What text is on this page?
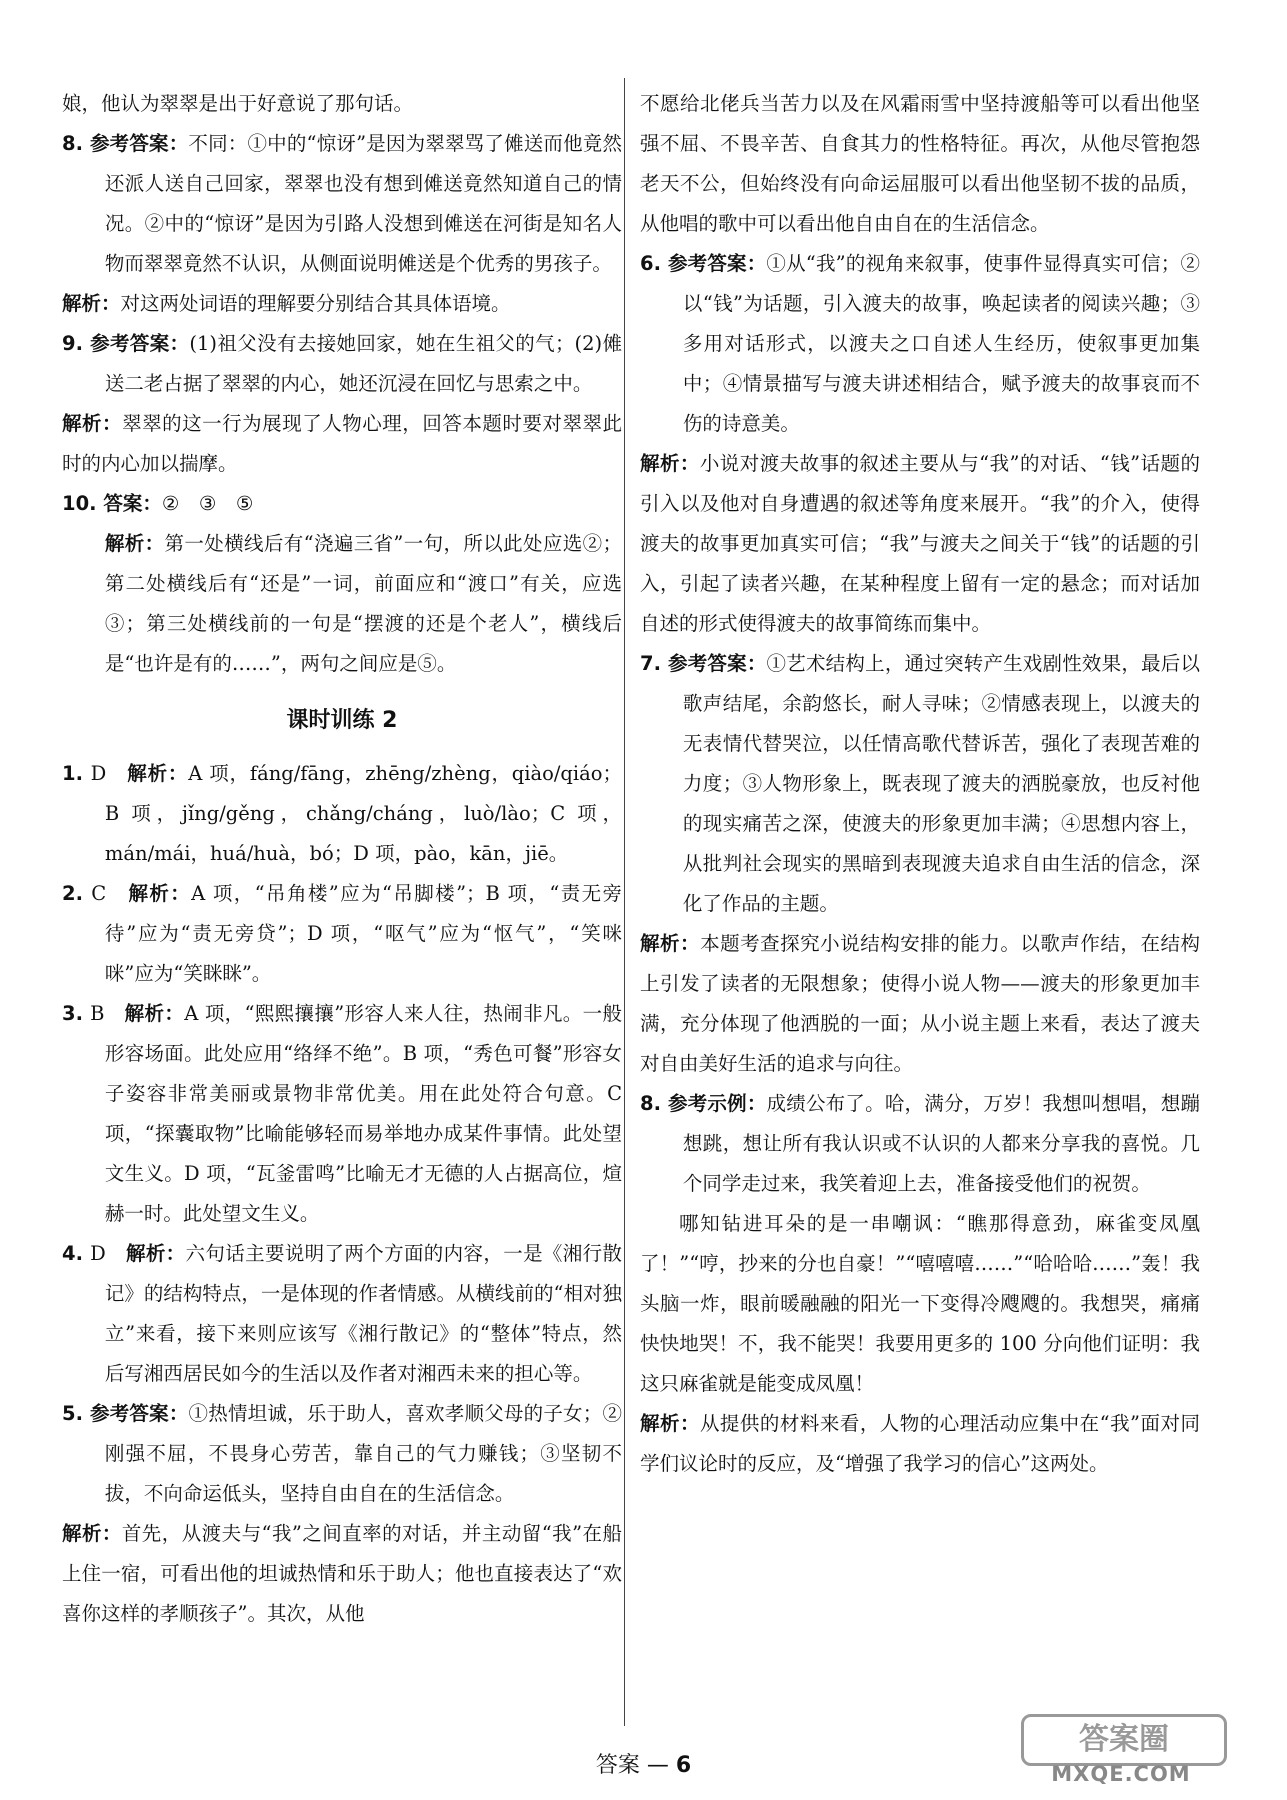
娘，他认为翠翠是出于好意说了那句话。

8. 参考答案：不同：①中的“惊讶”是因为翠翠骂了傩送而他竟然还派人送自己回家，翠翠也没有想到傩送竟然知道自己的情况。②中的“惊讶”是因为引路人没想到傩送在河街是知名人物而翠翠竟然不认识，从侧面说明傩送是个优秀的男孩子。

解析：对这两处词语的理解要分别结合其具体语境。

9. 参考答案：(1)祖父没有去接她回家，她在生祖父的气；(2)傩送二老占据了翠翠的内心，她还沉浸在回忆与思索之中。

解析：翠翠的这一行为展现了人物心理，回答本题时要对翠翠此时的内心加以揣摩。

10. 答案：②　③　⑤

解析：第一处横线后有“浇遍三省”一句，所以此处应选②；第二处横线后有“还是”一词，前面应和“渡口”有关，应选③；第三处横线前的一句是“摆渡的还是个老人”，横线后是“也许是有的……”，两句之间应是⑤。

课时训练 2

1. D　解析：A 项，fáng/fāng，zhēng/zhèng，qiào/qiáo；B 项，jǐng/gěng，chǎng/cháng，luò/lào；C 项，mán/mái，huá/huà，bó；D 项，pào，kān，jiē。

2. C　解析：A 项，“吊角楼”应为“吊脚楼”；B 项，“责无旁待”应为“责无旁贷”；D 项，“呕气”应为“怄气”，“笑咪咪”应为“笑眯眯”。

3. B　解析：A 项，“熙熙攘攘”形容人来人往，热闹非凡。一般形容场面。此处应用“络绎不绝”。B 项，“秀色可餐”形容女子姿容非常美丽或景物非常优美。用在此处符合句意。C 项，“探囊取物”比喻能够轻而易举地办成某件事情。此处望文生义。D 项，“瓦釜雷鸣”比喻无才无德的人占据高位，煊赫一时。此处望文生义。

4. D　解析：六句话主要说明了两个方面的内容，一是《湘行散记》的结构特点，一是体现的作者情感。从横线前的“相对独立”来看，接下来则应该写《湘行散记》的“整体”特点，然后写湘西居民如今的生活以及作者对湘西未来的担心等。

5. 参考答案：①热情坦诚，乐于助人，喜欢孝顺父母的子女；②刚强不屈，不畏身心劳苦，靠自己的气力赚钱；③坚韧不拔，不向命运低头，坚持自由自在的生活信念。

解析：首先，从渡夫与“我”之间直率的对话，并主动留“我”在船上住一宿，可看出他的坦诚热情和乐于助人；他也直接表达了“欢喜你这样的孝顺孩子”。其次，从他

不愿给北佬兵当苦力以及在风霜雨雪中坚持渡船等可以看出他坚强不屈、不畏辛苦、自食其力的性格特征。再次，从他尽管抱怨老天不公，但始终没有向命运屈服可以看出他坚韧不拔的品质，从他唱的歌中可以看出他自由自在的生活信念。

6. 参考答案：①从“我”的视角来叙事，使事件显得真实可信；②以“钱”为话题，引入渡夫的故事，唤起读者的阅读兴趣；③多用对话形式，以渡夫之口自述人生经历，使叙事更加集中；④情景描写与渡夫讲述相结合，赋予渡夫的故事哀而不伤的诗意美。

解析：小说对渡夫故事的叙述主要从与“我”的对话、“钱”话题的引入以及他对自身遭遇的叙述等角度来展开。“我”的介入，使得渡夫的故事更加真实可信；“我”与渡夫之间关于“钱”的话题的引入，引起了读者兴趣，在某种程度上留有一定的悬念；而对话加自述的形式使得渡夫的故事简练而集中。

7. 参考答案：①艺术结构上，通过突转产生戏剧性效果，最后以歌声结尾，余韵悠长，耐人寻味；②情感表现上，以渡夫的无表情代替哭泣，以任情高歌代替诉苦，强化了表现苦难的力度；③人物形象上，既表现了渡夫的洒脱豪放，也反衬他的现实痛苦之深，使渡夫的形象更加丰满；④思想内容上，从批判社会现实的黑暗到表现渡夫追求自由生活的信念，深化了作品的主题。

解析：本题考查探究小说结构安排的能力。以歌声作结，在结构上引发了读者的无限想象；使得小说人物——渡夫的形象更加丰满，充分体现了他洒脱的一面；从小说主题上来看，表达了渡夫对自由美好生活的追求与向往。

8. 参考示例：成绩公布了。哈，满分，万岁！我想叫想唱，想蹦想跳，想让所有我认识或不认识的人都来分享我的喜悦。几个同学走过来，我笑着迎上去，准备接受他们的祝贺。

哪知钻进耳朵的是一串嘲讽：“瞧那得意劲，麻雀变凤凰了！”“哼，抄来的分也自豪！”“嘻嘻嘻……”“哈哈哈……”轰！我头脑一炸，眼前暖融融的阳光一下变得冷飕飕的。我想哭，痛痛快快地哭！不，我不能哭！我要用更多的 100 分向他们证明：我这只麻雀就是能变成凤凰！

解析：从提供的材料来看，人物的心理活动应集中在“我”面对同学们议论时的反应，及“增强了我学习的信心”这两处。

答案 — 6
答案圈
MXQE.COM
